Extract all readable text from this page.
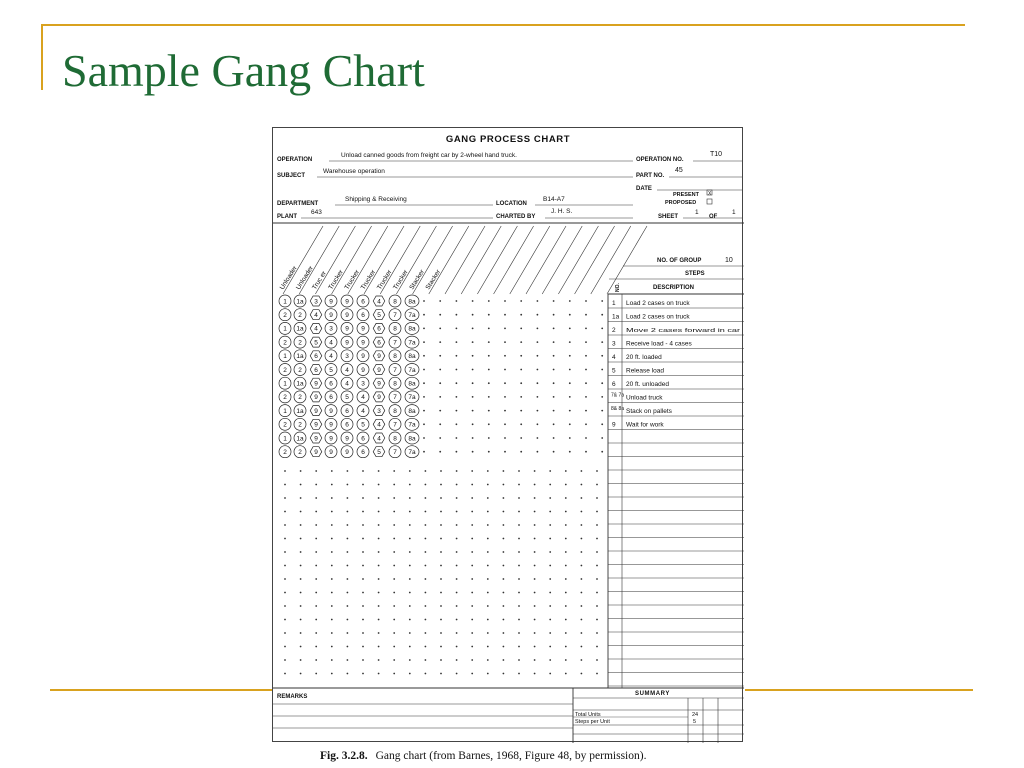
Sample Gang Chart
GANG PROCESS CHART
OPERATION
Unload canned goods from freight car by 2-wheel hand truck.
OPERATION NO.
T10
SUBJECT
Warehouse operation
PART NO.
45
DATE
PRESENT X
PROPOSED
DEPARTMENT
Shipping & Receiving
LOCATION
B14-A7
PLANT
643
CHARTED BY
J. H. S.
SHEET
1
OF
1
Unloader
Unloader
Truc er Trucker
Trucker
Trucker
Trucker
Trucker
Stacker
Stacker
NO. OF GROUP	10
STEPS
NO.	DESCRIPTION
1 1a 3 9 9 6 4 8 8a
2 2 4 9 9 6 5 7 7a
1 1a 4 3 9 9 6 8 8a
2 2 5 4 9 9 6 7 7a
1 1a 6 4 3 9 9 8 8a
2 2 6 5 4 9 9 7 7a
1 1a 9 6 4 3 9 8 8a
2 2 9 6 5 4 9 7 7a
1 1a 9 9 6 4 3 8 8a
2 2 9 9 6 5 4 7 7a
1 1a 9 9 9 6 4 8 8a
2 2 9 9 9 6 5 7 7a
1 Load 2 cases on truck
1a Load 2 cases on truck
2 Move 2 cases forward in car
3 Receive load - 4 cases
4 20 ft. loaded
5 Release load
6 20 ft. unloaded
7& 7a Unload truck
8& 8a Stack on pallets
9 Wait for work
REMARKS	SUMMARY
Total Units	24
Steps per Unit	5
Fig. 3.2.8. Gang chart (from Barnes, 1968, Figure 48, by permission).
